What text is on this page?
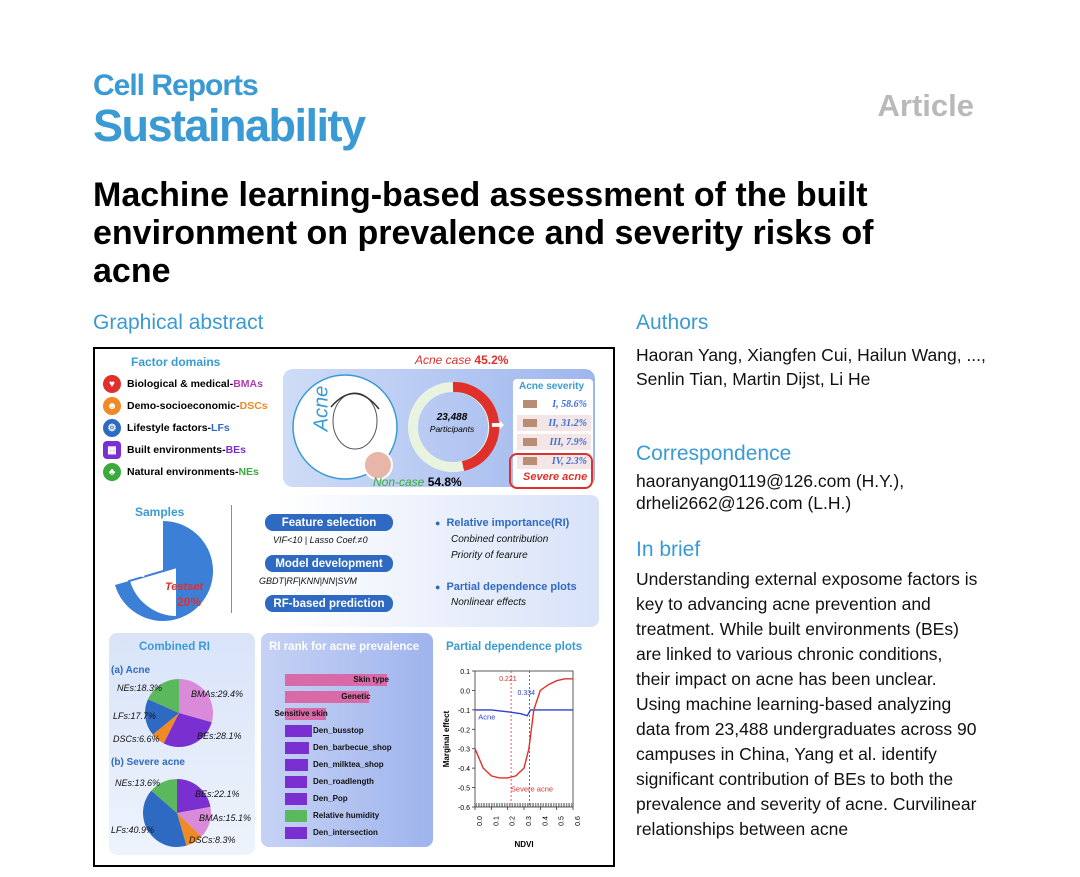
Cell Reports
Sustainability	Article
Machine learning-based assessment of the built environment on prevalence and severity risks of acne
Graphical abstract	Authors
Correspondence
In brief
Haoran Yang, Xiangfen Cui, Hailun Wang, ..., Senlin Tian, Martin Dijst, Li He
haoranyang0119@126.com (H.Y.),
drheli2662@126.com (L.H.)
Understanding external exposome factors is key to advancing acne prevention and treatment. While built environments (BEs) are linked to various chronic conditions, their impact on acne has been unclear. Using machine learning-based analyzing data from 23,488 undergraduates across 90 campuses in China, Yang et al. identify significant contribution of BEs to both the prevalence and severity of acne. Curvilinear relationships between acne
Factor domains
♥	Biological & medical- BMAs
☻ Demo-socioeconomic- DSCs
⚙	Lifestyle factors- LFs
▦ Built environments- BEs
♣	Natural environments- NEs
Acne	23,488
Participants	➡
Acne case 45.2%
Non-case 54.8%
Acne severity
I, 58.6%
II, 31.2%
III, 7.9%
IV, 2.3%
Severe acne
Samples
Trainset
80%
Testset
20%
Feature selection
VIF<10 | Lasso Coef.≠0
Model development
GBDT|RF|KNN|NN|SVM
RF-based prediction
● Relative importance(RI)
Conbined contribution
Priority of fearure
● Partial dependence plots
Nonlinear effects
Combined RI
(a) Acne
BMAs:29.4%
BEs:28.1%
DSCs:6.6%
LFs:17.7%
NEs:18.3%
(b) Severe acne
BEs:22.1%
BMAs:15.1%
DSCs:8.3%
LFs:40.9%
NEs:13.6%
RI rank for acne prevalence
Skin type
Genetic
Sensitive skin
Den_busstop
Den_barbecue_shop
Den_milktea_shop
Den_roadlength
Den_Pop
Relative humidity
Den_intersection
Partial dependence plots
0.1
0.0
-0.1
-0.2
-0.3
-0.4
-0.5
-0.6
0.0 0.1 0.2 0.3 0.4 0.5 0.6
0.221
0.334
Acne
Severe acne
NDVI
Marginal effect
